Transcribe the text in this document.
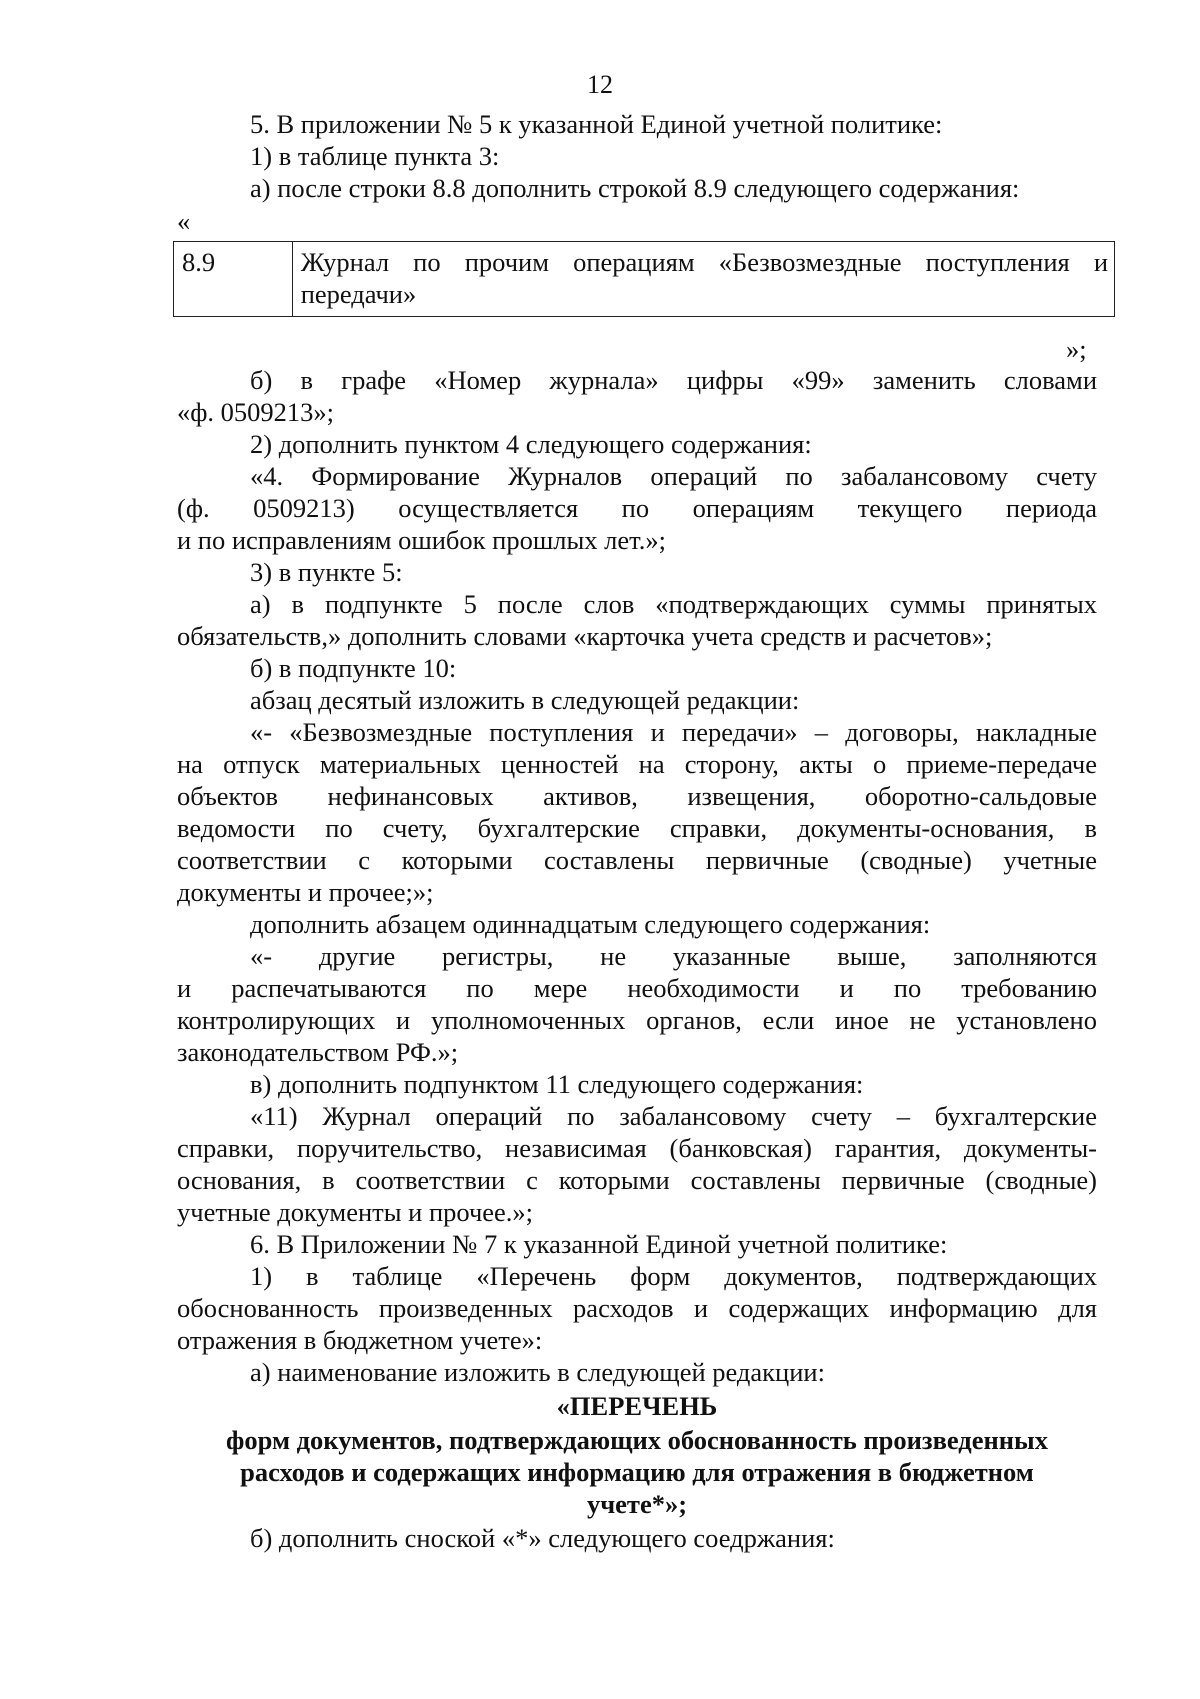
12
5. В приложении № 5 к указанной Единой учетной политике:
1) в таблице пункта 3:
а) после строки 8.8 дополнить строкой 8.9 следующего содержания:
«
8.9	Журнал по прочим операциям «Безвозмездные поступления и
передачи»
»;
б) в графе «Номер журнала» цифры «99» заменить словами
«ф. 0509213»;
2) дополнить пунктом 4 следующего содержания:
«4. Формирование Журналов операций по забалансовому счету
(ф. 0509213) осуществляется по операциям текущего периода
и по исправлениям ошибок прошлых лет.»;
3) в пункте 5:
а) в подпункте 5 после слов «подтверждающих суммы принятых
обязательств,» дополнить словами «карточка учета средств и расчетов»;
б) в подпункте 10:
абзац десятый изложить в следующей редакции:
«- «Безвозмездные поступления и передачи» – договоры, накладные
на отпуск материальных ценностей на сторону, акты о приеме-передаче
объектов нефинансовых активов, извещения, оборотно-сальдовые
ведомости по счету, бухгалтерские справки, документы-основания, в
соответствии с которыми составлены первичные (сводные) учетные
документы и прочее;»;
дополнить абзацем одиннадцатым следующего содержания:
«- другие регистры, не указанные выше, заполняются
и распечатываются по мере необходимости и по требованию
контролирующих и уполномоченных органов, если иное не установлено
законодательством РФ.»;
в) дополнить подпунктом 11 следующего содержания:
«11) Журнал операций по забалансовому счету – бухгалтерские
справки, поручительство, независимая (банковская) гарантия, документы-
основания, в соответствии с которыми составлены первичные (сводные)
учетные документы и прочее.»;
6. В Приложении № 7 к указанной Единой учетной политике:
1) в таблице «Перечень форм документов, подтверждающих
обоснованность произведенных расходов и содержащих информацию для
отражения в бюджетном учете»:
а) наименование изложить в следующей редакции:
«ПЕРЕЧЕНЬ
форм документов, подтверждающих обоснованность произведенных
расходов и содержащих информацию для отражения в бюджетном
учете*»;
б) дополнить сноской «*» следующего соедржания:
